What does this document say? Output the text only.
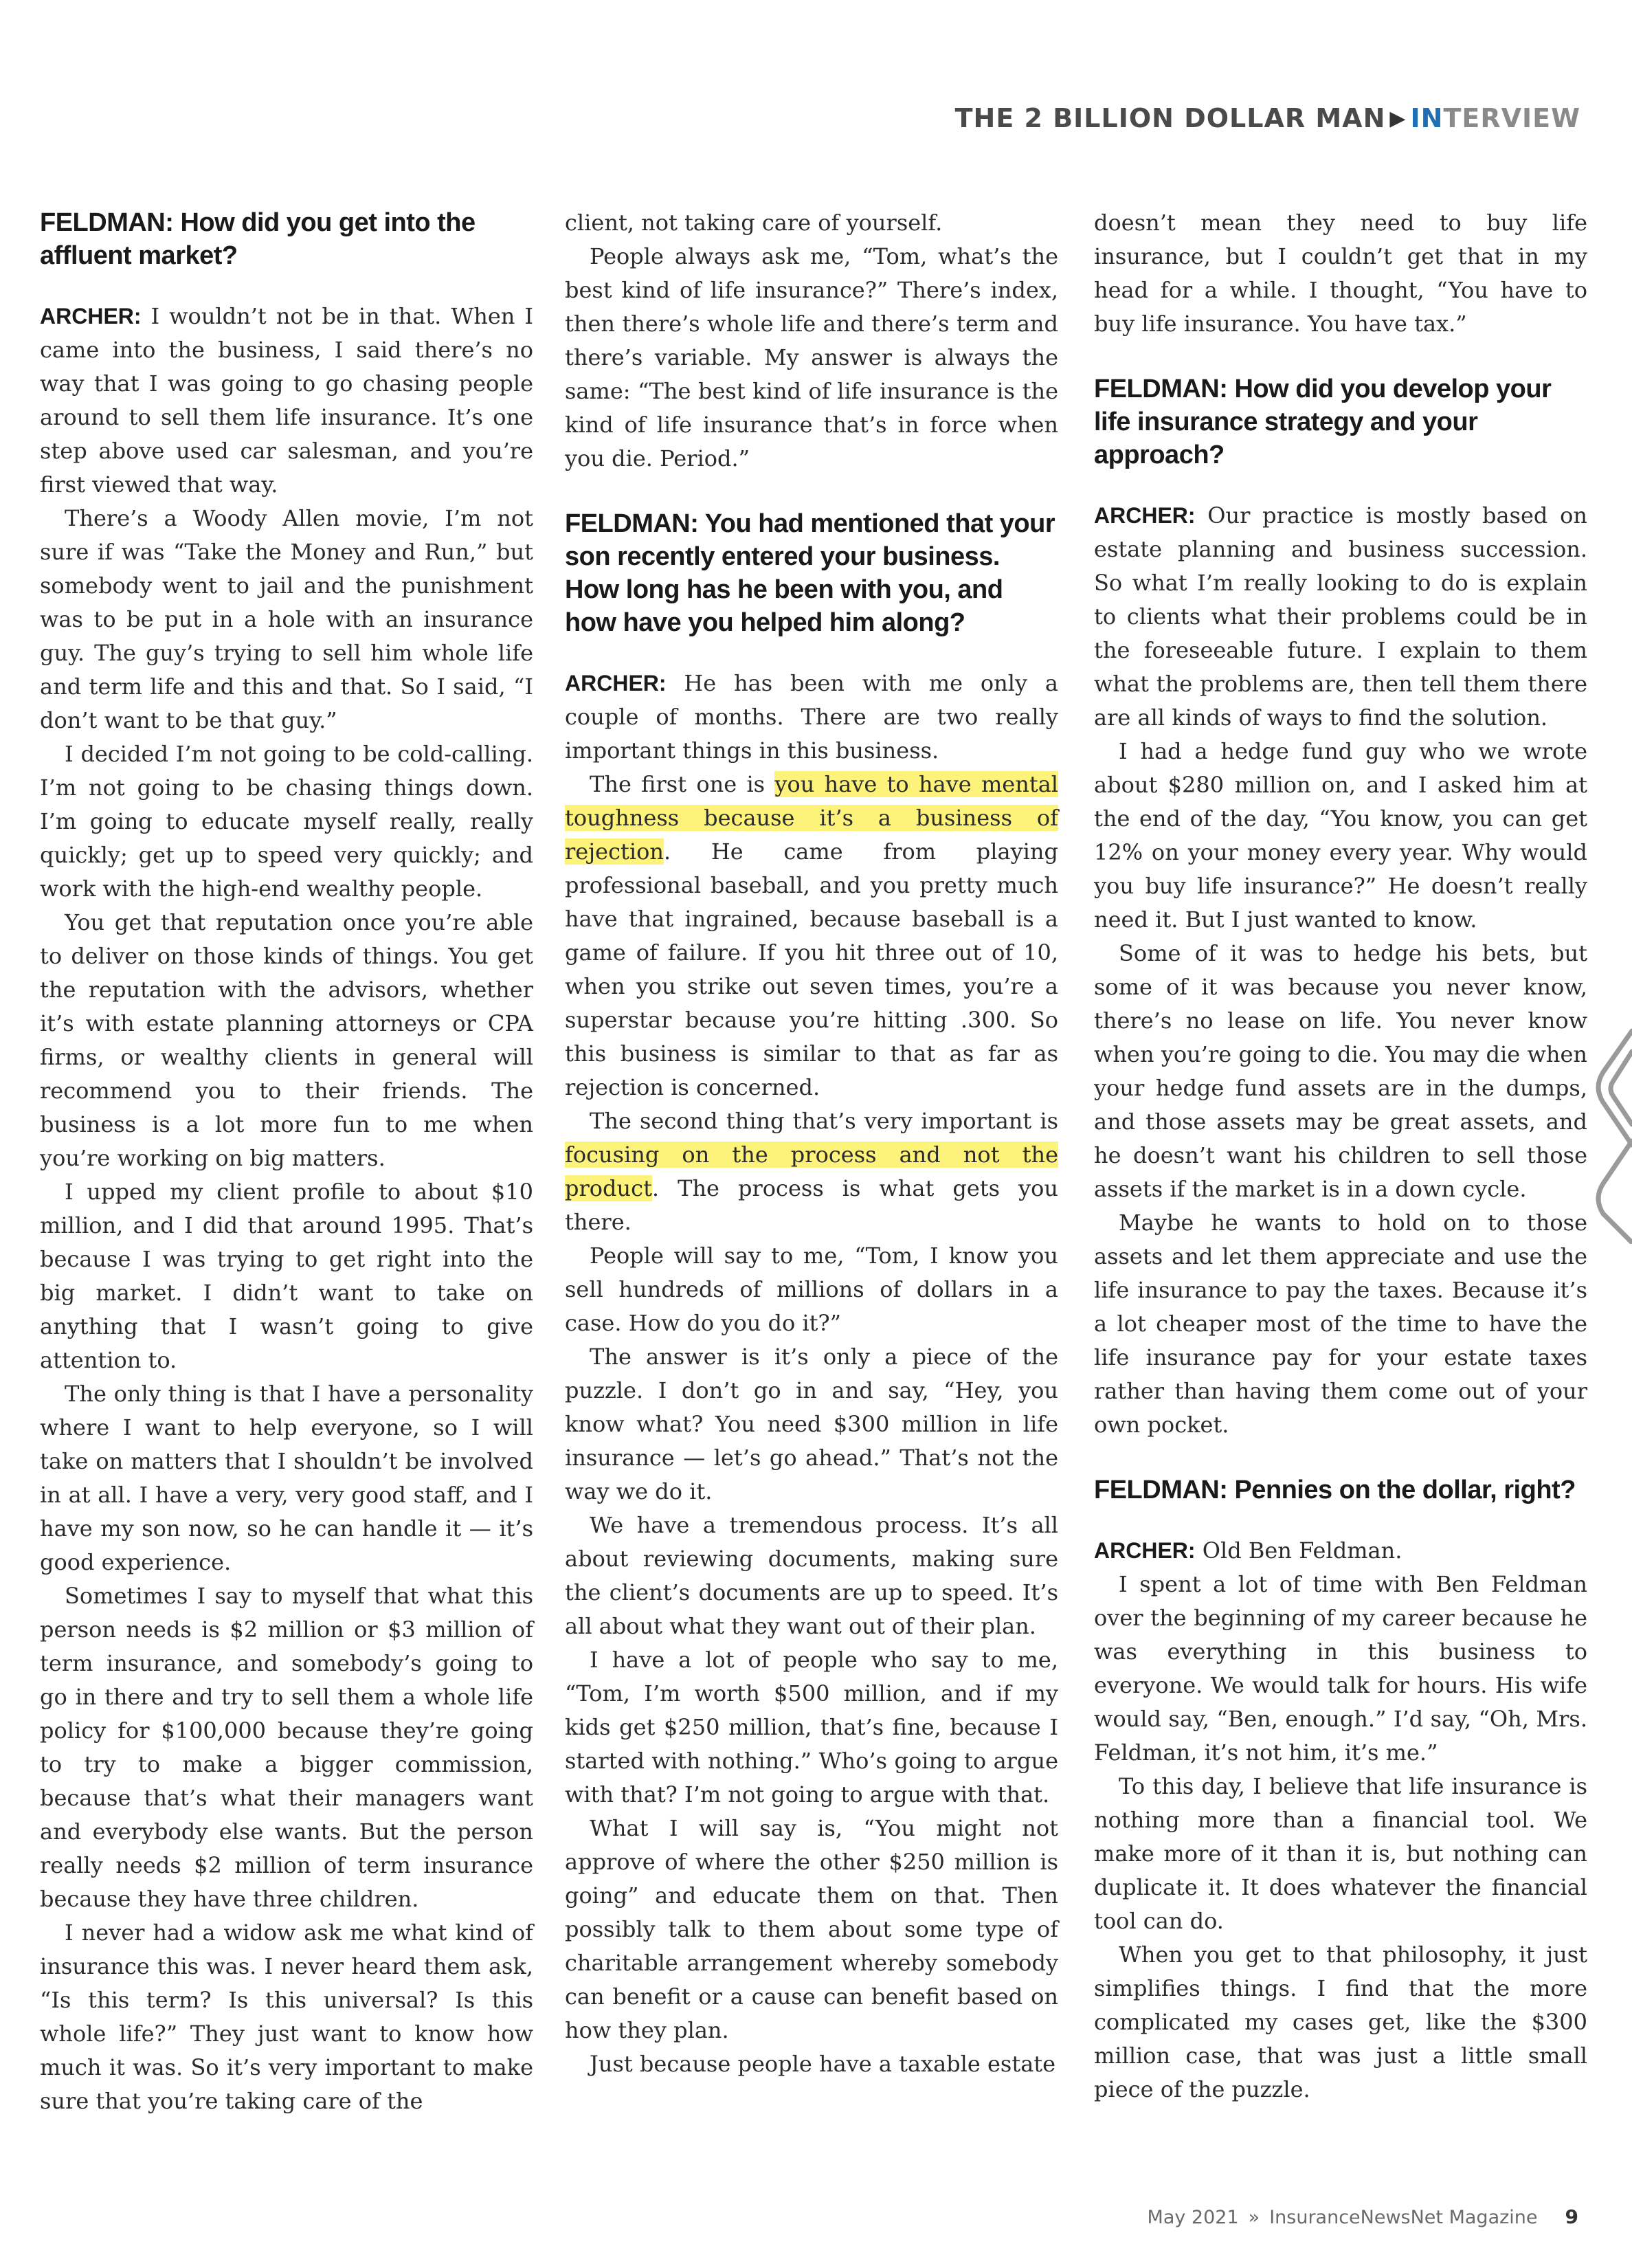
THE 2 BILLION DOLLAR MAN ▶ IN TERVIEW
FELDMAN: How did you get into the affluent market?

ARCHER: I wouldn’t not be in that. When I came into the business, I said there’s no way that I was going to go chasing people around to sell them life insurance. It’s one step above used car salesman, and you’re first viewed that way.

There’s a Woody Allen movie, I’m not sure if was “Take the Money and Run,” but somebody went to jail and the punishment was to be put in a hole with an insurance guy. The guy’s trying to sell him whole life and term life and this and that. So I said, “I don’t want to be that guy.”

I decided I’m not going to be cold-calling. I’m not going to be chasing things down. I’m going to educate myself really, really quickly; get up to speed very quickly; and work with the high-end wealthy people.

You get that reputation once you’re able to deliver on those kinds of things. You get the reputation with the advisors, whether it’s with estate planning attorneys or CPA firms, or wealthy clients in general will recommend you to their friends. The business is a lot more fun to me when you’re working on big matters.

I upped my client profile to about $10 million, and I did that around 1995. That’s because I was trying to get right into the big market. I didn’t want to take on anything that I wasn’t going to give attention to.

The only thing is that I have a personality where I want to help everyone, so I will take on matters that I shouldn’t be involved in at all. I have a very, very good staff, and I have my son now, so he can handle it — it’s good experience.

Sometimes I say to myself that what this person needs is $2 million or $3 million of term insurance, and somebody’s going to go in there and try to sell them a whole life policy for $100,000 because they’re going to try to make a bigger commission, because that’s what their managers want and everybody else wants. But the person really needs $2 million of term insurance because they have three children.

I never had a widow ask me what kind of insurance this was. I never heard them ask, “Is this term? Is this universal? Is this whole life?” They just want to know how much it was. So it’s very important to make sure that you’re taking care of the

client, not taking care of yourself.

People always ask me, “Tom, what’s the best kind of life insurance?” There’s index, then there’s whole life and there’s term and there’s variable. My answer is always the same: “The best kind of life insurance is the kind of life insurance that’s in force when you die. Period.”

FELDMAN: You had mentioned that your son recently entered your business. How long has he been with you, and how have you helped him along?

ARCHER: He has been with me only a couple of months. There are two really important things in this business.

The first one is you have to have mental toughness because it’s a business of rejection. He came from playing professional baseball, and you pretty much have that ingrained, because baseball is a game of failure. If you hit three out of 10, when you strike out seven times, you’re a superstar because you’re hitting .300. So this business is similar to that as far as rejection is concerned.

The second thing that’s very important is focusing on the process and not the product. The process is what gets you there.

People will say to me, “Tom, I know you sell hundreds of millions of dollars in a case. How do you do it?”

The answer is it’s only a piece of the puzzle. I don’t go in and say, “Hey, you know what? You need $300 million in life insurance — let’s go ahead.” That’s not the way we do it.

We have a tremendous process. It’s all about reviewing documents, making sure the client’s documents are up to speed. It’s all about what they want out of their plan.

I have a lot of people who say to me, “Tom, I’m worth $500 million, and if my kids get $250 million, that’s fine, because I started with nothing.” Who’s going to argue with that? I’m not going to argue with that.

What I will say is, “You might not approve of where the other $250 million is going” and educate them on that. Then possibly talk to them about some type of charitable arrangement whereby somebody can benefit or a cause can benefit based on how they plan.

Just because people have a taxable estate

doesn’t mean they need to buy life insurance, but I couldn’t get that in my head for a while. I thought, “You have to buy life insurance. You have tax.”

FELDMAN: How did you develop your life insurance strategy and your approach?

ARCHER: Our practice is mostly based on estate planning and business succession. So what I’m really looking to do is explain to clients what their problems could be in the foreseeable future. I explain to them what the problems are, then tell them there are all kinds of ways to find the solution.

I had a hedge fund guy who we wrote about $280 million on, and I asked him at the end of the day, “You know, you can get 12% on your money every year. Why would you buy life insurance?” He doesn’t really need it. But I just wanted to know.

Some of it was to hedge his bets, but some of it was because you never know, there’s no lease on life. You never know when you’re going to die. You may die when your hedge fund assets are in the dumps, and those assets may be great assets, and he doesn’t want his children to sell those assets if the market is in a down cycle.

Maybe he wants to hold on to those assets and let them appreciate and use the life insurance to pay the taxes. Because it’s a lot cheaper most of the time to have the life insurance pay for your estate taxes rather than having them come out of your own pocket.

FELDMAN: Pennies on the dollar, right?

ARCHER: Old Ben Feldman.

I spent a lot of time with Ben Feldman over the beginning of my career because he was everything in this business to everyone. We would talk for hours. His wife would say, “Ben, enough.” I’d say, “Oh, Mrs. Feldman, it’s not him, it’s me.”

To this day, I believe that life insurance is nothing more than a financial tool. We make more of it than it is, but nothing can duplicate it. It does whatever the financial tool can do.

When you get to that philosophy, it just simplifies things. I find that the more complicated my cases get, like the $300 million case, that was just a little small piece of the puzzle.

May 2021 » InsuranceNewsNet Magazine 9
